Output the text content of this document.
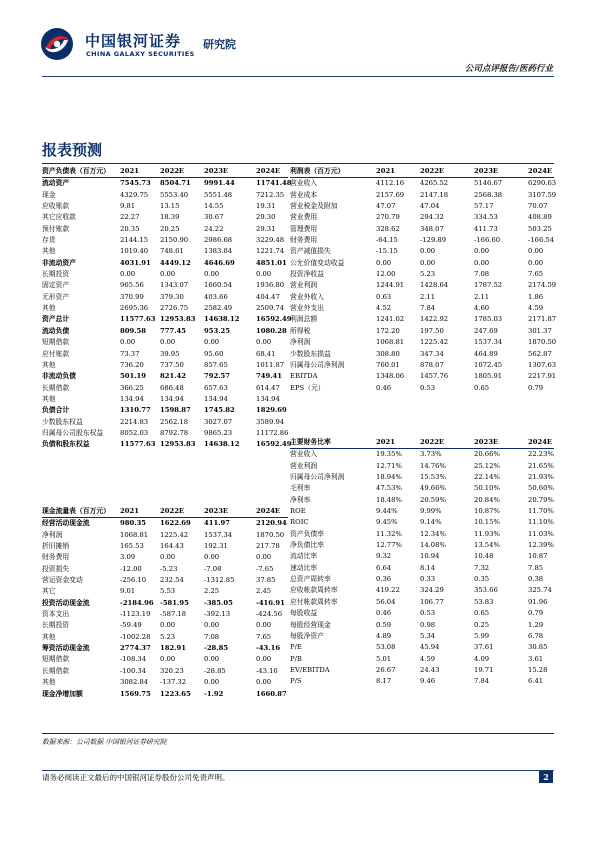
中国银河证券
CHINA GALAXY SECURITIES
研究院
公司点评报告/医药行业
报表预测
资产负债表（百万元） 2021	2022E	2023E	2024E
流动资产	7545.73 8504.71 9991.44	11741.48
现金	4329.75 5553.40 5551.48	7212.35
应收账款	9.81	13.15	14.55	19.31
其它应收款	22.27	18.39	30.67	29.30
预付账款	20.35	20.25	24.22	29.31
存货	2144.15 2150.90 2986.68	3229.48
其他	1019.40 748.61	1383.84	1221.74
非流动资产	4031.91 4449.12 4646.69	4851.01
长期投资	0.00	0.00	0.00	0.00
固定资产	965.56 1343.07 1660.54	1936.80
无形资产	370.99 379.30	403.66	404.47
其他	2695.36 2726.75 2582.49	2509.74
资产总计	11577.63 12953.83 14638.12 16592.49
流动负债	809.58 777.45	953.25	1080.28
短期借款	0.00	0.00	0.00	0.00
应付账款	73.37	39.95	95.60	68.41
其他	736.20 737.50	857.65	1011.87
非流动负债	501.19 821.42	792.57	749.41
长期借款	366.25 686.48	657.63	614.47
其他	134.94 134.94	134.94	134.94
负债合计	1310.77 1598.87 1745.82	1829.69
少数股东权益	2214.83 2562.18 3027.07	3589.94
归属母公司股东权益 8052.03 8792.78 9865.23	11172.86
负债和股东权益	11577.63 12953.83 14638.12 16592.49
现金流量表（百万元） 2021	2022E	2023E	2024E
经营活动现金流	980.35 1622.69 411.97	2120.94
净利润	1068.81 1225.42 1537.34	1870.50
折旧摊销	165.53 164.43	192.31	217.78
财务费用	3.09	0.00	0.00	0.00
投资损失	-12.00	-5.23	-7.08	-7.65
营运资金变动	-256.10 232.54	-1312.85	37.85
其它	9.01	5.53	2.25	2.45
投资活动现金流	-2184.96 -581.95 -385.05	-416.91
资本支出	-1123.19 -587.18	-392.13	-424.56
长期投资	-59.49	0.00	0.00	0.00
其他	-1002.28 5.23	7.08	7.65
筹资活动现金流	2774.37 182.91	-28.85	-43.16
短期借款	-108.34 0.00	0.00	0.00
长期借款	-100.34 320.23	-28.85	-43.16
其他	3082.84 -137.32	0.00	0.00
现金净增加额	1569.75 1223.65 -1.92	1660.87
利润表（百万元）	2021	2022E	2023E	2024E
营业收入	4112.16 4265.52	5146.67	6290.63
营业成本	2157.69 2147.18	2568.38	3107.59
营业税金及附加	47.07	47.04	57.17	70.07
营业费用	270.79	294.32	334.53	408.89
管理费用	328.62	348.07	411.73	503.25
财务费用	-64.15	-129.89	-166.60	-166.54
资产减值损失	-15.15	0.00	0.00	0.00
公允价值变动收益	0.00	0.00	0.00	0.00
投资净收益	12.00	5.23	7.08	7.65
营业利润	1244.91 1428.64	1787.52	2174.59
营业外收入	0.63	2.11	2.11	1.86
营业外支出	4.52	7.84	4.60	4.59
利润总额	1241.02 1422.92	1785.03	2171.87
所得税	172.20	197.50	247.69	301.37
净利润	1068.81 1225.42	1537.34	1870.50
少数股东损益	308.80	347.34	464.89	562.87
归属母公司净利润	760.01	878.07	1072.45	1307.63
EBITDA	1348.06 1457.76	1805.91	2217.91
EPS（元）	0.46	0.53	0.65	0.79
主要财务比率	2021	2022E	2023E	2024E
营业收入	19.35%	3.73%	20.66%	22.23%
营业利润	12.71%	14.76%	25.12%	21.65%
归属母公司净利润	18.94%	15.53%	22.14%	21.93%
毛利率	47.53%	49.66%	50.10%	50.60%
净利率	18.48%	20.59%	20.84%	20.79%
ROE	9.44%	9.99%	10.87%	11.70%
ROIC	9.45%	9.14%	10.15%	11.10%
资产负债率	11.32%	12.34%	11.93%	11.03%
净负债比率	12.77%	14.08%	13.54%	12.39%
流动比率	9.32	10.94	10.48	10.87
速动比率	6.64	8.14	7.32	7.85
总资产周转率	0.36	0.33	0.35	0.38
应收帐款周转率	419.22	324.29	353.66	325.74
应付帐款周转率	56.04	106.77	53.83	91.96
每股收益	0.46	0.53	0.65	0.79
每股经营现金	0.59	0.98	0.25	1.29
每股净资产	4.89	5.34	5.99	6.78
P/E	53.08	45.94	37.61	30.85
P/B	5.01	4.59	4.09	3.61
EV/EBITDA	26.67	24.43	19.71	15.28
P/S	8.17	9.46	7.84	6.41
数据来源：公司数据 中国银河证券研究院
请务必阅读正文最后的中国银河证券股份公司免责声明。	2
